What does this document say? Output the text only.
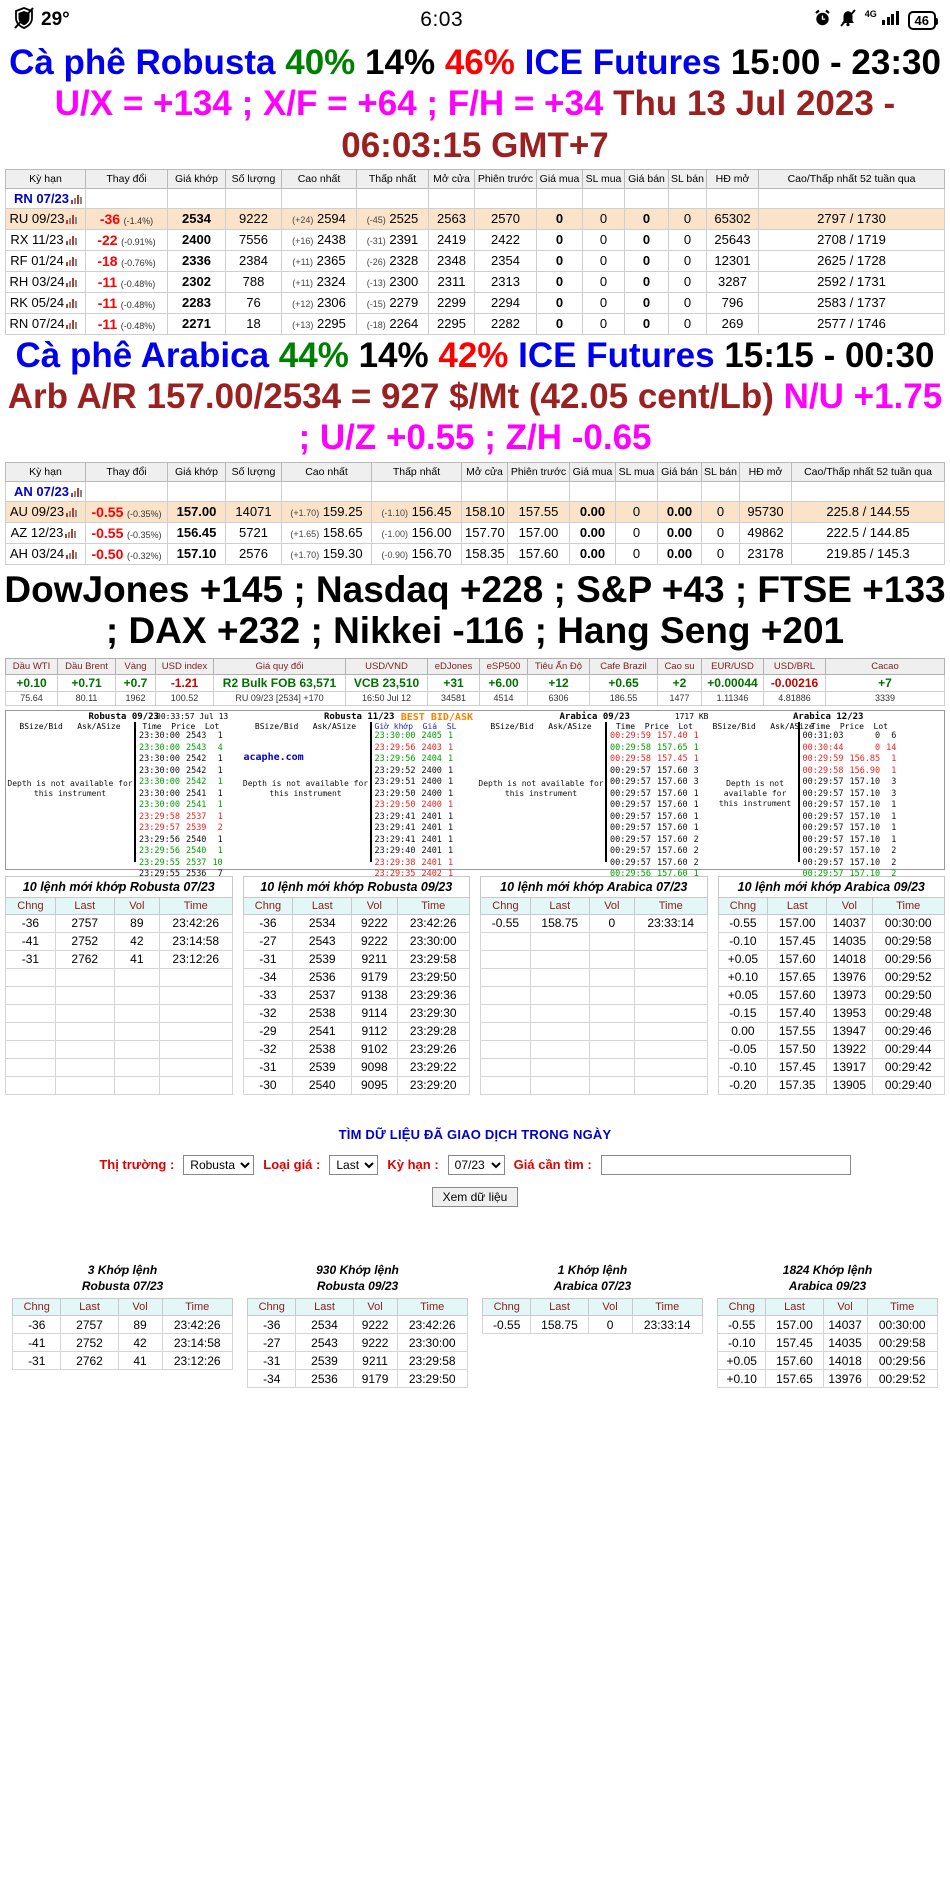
29°	6:03	$^{4G}$	46
Cà phê Robusta 40% 14% 46% ICE Futures 15:00 - 23:30 U/X = +134 ; X/F = +64 ; F/H = +34 Thu 13 Jul 2023 - 06:03:15 GMT+7
Kỳ hạn	Thay đổi	Giá khớp	Số lượng	Cao nhất	Thấp nhất	Mở cửa	Phiên trước	Giá mua	SL mua	Giá bán	SL bán	HĐ mở	Cao/Thấp nhất 52 tuần qua
RN 07/23

RU 09/23	-36 (-1.4%)	2534	9222	(+24) 2594	(-45) 2525	2563	2570	0	0	0	0	65302	2797 / 1730
RX 11/23	-22 (-0.91%)	2400	7556	(+16) 2438	(-31) 2391	2419	2422	0	0	0	0	25643	2708 / 1719
RF 01/24	-18 (-0.76%)	2336	2384	(+11) 2365	(-26) 2328	2348	2354	0	0	0	0	12301	2625 / 1728
RH 03/24	-11 (-0.48%)	2302	788	(+11) 2324	(-13) 2300	2311	2313	0	0	0	0	3287	2592 / 1731
RK 05/24	-11 (-0.48%)	2283	76	(+12) 2306	(-15) 2279	2299	2294	0	0	0	0	796	2583 / 1737
RN 07/24	-11 (-0.48%)	2271	18	(+13) 2295	(-18) 2264	2295	2282	0	0	0	0	269	2577 / 1746
Cà phê Arabica 44% 14% 42% ICE Futures 15:15 - 00:30 Arb A/R 157.00/2534 = 927 $/Mt (42.05 cent/Lb) N/U +1.75 ; U/Z +0.55 ; Z/H -0.65
Kỳ hạn	Thay đổi	Giá khớp	Số lượng	Cao nhất	Thấp nhất	Mở cửa	Phiên trước	Giá mua	SL mua	Giá bán	SL bán	HĐ mở	Cao/Thấp nhất 52 tuần qua
AN 07/23

AU 09/23	-0.55 (-0.35%)	157.00	14071	(+1.70) 159.25	(-1.10) 156.45	158.10	157.55	0.00	0	0.00	0	95730	225.8 / 144.55
AZ 12/23	-0.55 (-0.35%)	156.45	5721	(+1.65) 158.65	(-1.00) 156.00	157.70	157.00	0.00	0	0.00	0	49862	222.5 / 144.85
AH 03/24	-0.50 (-0.32%)	157.10	2576	(+1.70) 159.30	(-0.90) 156.70	158.35	157.60	0.00	0	0.00	0	23178	219.85 / 145.3
DowJones +145 ; Nasdaq +228 ; S&P +43 ; FTSE +133 ; DAX +232 ; Nikkei -116 ; Hang Seng +201
Dầu WTI	Dầu Brent	Vàng	USD index	Giá quy đổi	USD/VND	eDJones	eSP500	Tiêu Ấn Độ	Cafe Brazil	Cao su	EUR/USD	USD/BRL	Cacao
+0.10	+0.71	+0.7	-1.21	R2 Bulk FOB 63,571	VCB 23,510	+31	+6.00	+12	+0.65	+2	+0.00044	-0.00216	+7
75.64	80.11	1962	100.52	RU 09/23 [2534] +170	16:50 Jul 12	34581	4514	6306	186.55	1477	1.11346	4.81886	3339
Robusta 09/23
00:33:57 Jul 13
BSize/Bid   Ask/ASize
Depth is not available for this instrument
Time  Price  Lot
23:30:00	2543	1
23:30:00	2543	4
23:30:00	2542	1
23:30:00	2542	1
23:30:00	2542	1
23:30:00	2541	1
23:30:00	2541	1
23:29:58	2537	1
23:29:57	2539	2
23:29:56	2540	1
23:29:56	2540	1
23:29:55	2537	10
23:29:55	2536	7
Robusta 11/23 BEST BID/ASK
BSize/Bid   Ask/ASize
Depth is not available for this instrument
acaphe.com
Giờ khớp Giá SL
23:30:00	2405	1
23:29:56	2403	1
23:29:56	2404	1
23:29:52	2400	1
23:29:51	2400	1
23:29:50	2400	1
23:29:50	2400	1
23:29:41	2401	1
23:29:41	2401	1
23:29:41	2401	1
23:29:40	2401	1
23:29:38	2401	1
23:29:35	2402	1
Arabica 09/23	1717 KB
BSize/Bid   Ask/ASize
Depth is not available for this instrument
Time  Price  Lot
00:29:59	157.40	1
00:29:58	157.65	1
00:29:58	157.45	1
00:29:57	157.60	3
00:29:57	157.60	3
00:29:57	157.60	1
00:29:57	157.60	1
00:29:57	157.60	1
00:29:57	157.60	1
00:29:57	157.60	2
00:29:57	157.60	2
00:29:57	157.60	2
00:29:56	157.60	1
Arabica 12/23
BSize/Bid   Ask/ASize
Depth is not available for this instrument
Time  Price  Lot
00:31:03	0	6
00:30:44	0	14
00:29:59	156.85	1
00:29:58	156.90	1
00:29:57	157.10	3
00:29:57	157.10	3
00:29:57	157.10	1
00:29:57	157.10	1
00:29:57	157.10	1
00:29:57	157.10	1
00:29:57	157.10	2
00:29:57	157.10	2
00:29:57	157.10	2
10 lệnh mới khớp Robusta 07/23
Chng	Last	Vol	Time
-36	2757	89	23:42:26
-41	2752	42	23:14:58
-31	2762	41	23:12:26

10 lệnh mới khớp Robusta 09/23
Chng	Last	Vol	Time
-36	2534	9222	23:42:26
-27	2543	9222	23:30:00
-31	2539	9211	23:29:58
-34	2536	9179	23:29:50
-33	2537	9138	23:29:36
-32	2538	9114	23:29:30
-29	2541	9112	23:29:28
-32	2538	9102	23:29:26
-31	2539	9098	23:29:22
-30	2540	9095	23:29:20
10 lệnh mới khớp Arabica 07/23
Chng	Last	Vol	Time
-0.55	158.75	0	23:33:14

10 lệnh mới khớp Arabica 09/23
Chng	Last	Vol	Time
-0.55	157.00	14037	00:30:00
-0.10	157.45	14035	00:29:58
+0.05	157.60	14018	00:29:56
+0.10	157.65	13976	00:29:52
+0.05	157.60	13973	00:29:50
-0.15	157.40	13953	00:29:48
0.00	157.55	13947	00:29:46
-0.05	157.50	13922	00:29:44
-0.10	157.45	13917	00:29:42
-0.20	157.35	13905	00:29:40
TÌM DỮ LIỆU ĐÃ GIAO DỊCH TRONG NGÀY
Thị trường :
Robusta	Loại giá :
Last	Kỳ hạn :
07/23	Giá cần tìm :
Xem dữ liệu
3 Khớp lệnh
Robusta 07/23
Chng	Last	Vol	Time
-36	2757	89	23:42:26
-41	2752	42	23:14:58
-31	2762	41	23:12:26
930 Khớp lệnh
Robusta 09/23
Chng	Last	Vol	Time
-36	2534	9222	23:42:26
-27	2543	9222	23:30:00
-31	2539	9211	23:29:58
-34	2536	9179	23:29:50
1 Khớp lệnh
Arabica 07/23
Chng	Last	Vol	Time
-0.55	158.75	0	23:33:14
1824 Khớp lệnh
Arabica 09/23
Chng	Last	Vol	Time
-0.55	157.00	14037	00:30:00
-0.10	157.45	14035	00:29:58
+0.05	157.60	14018	00:29:56
+0.10	157.65	13976	00:29:52
